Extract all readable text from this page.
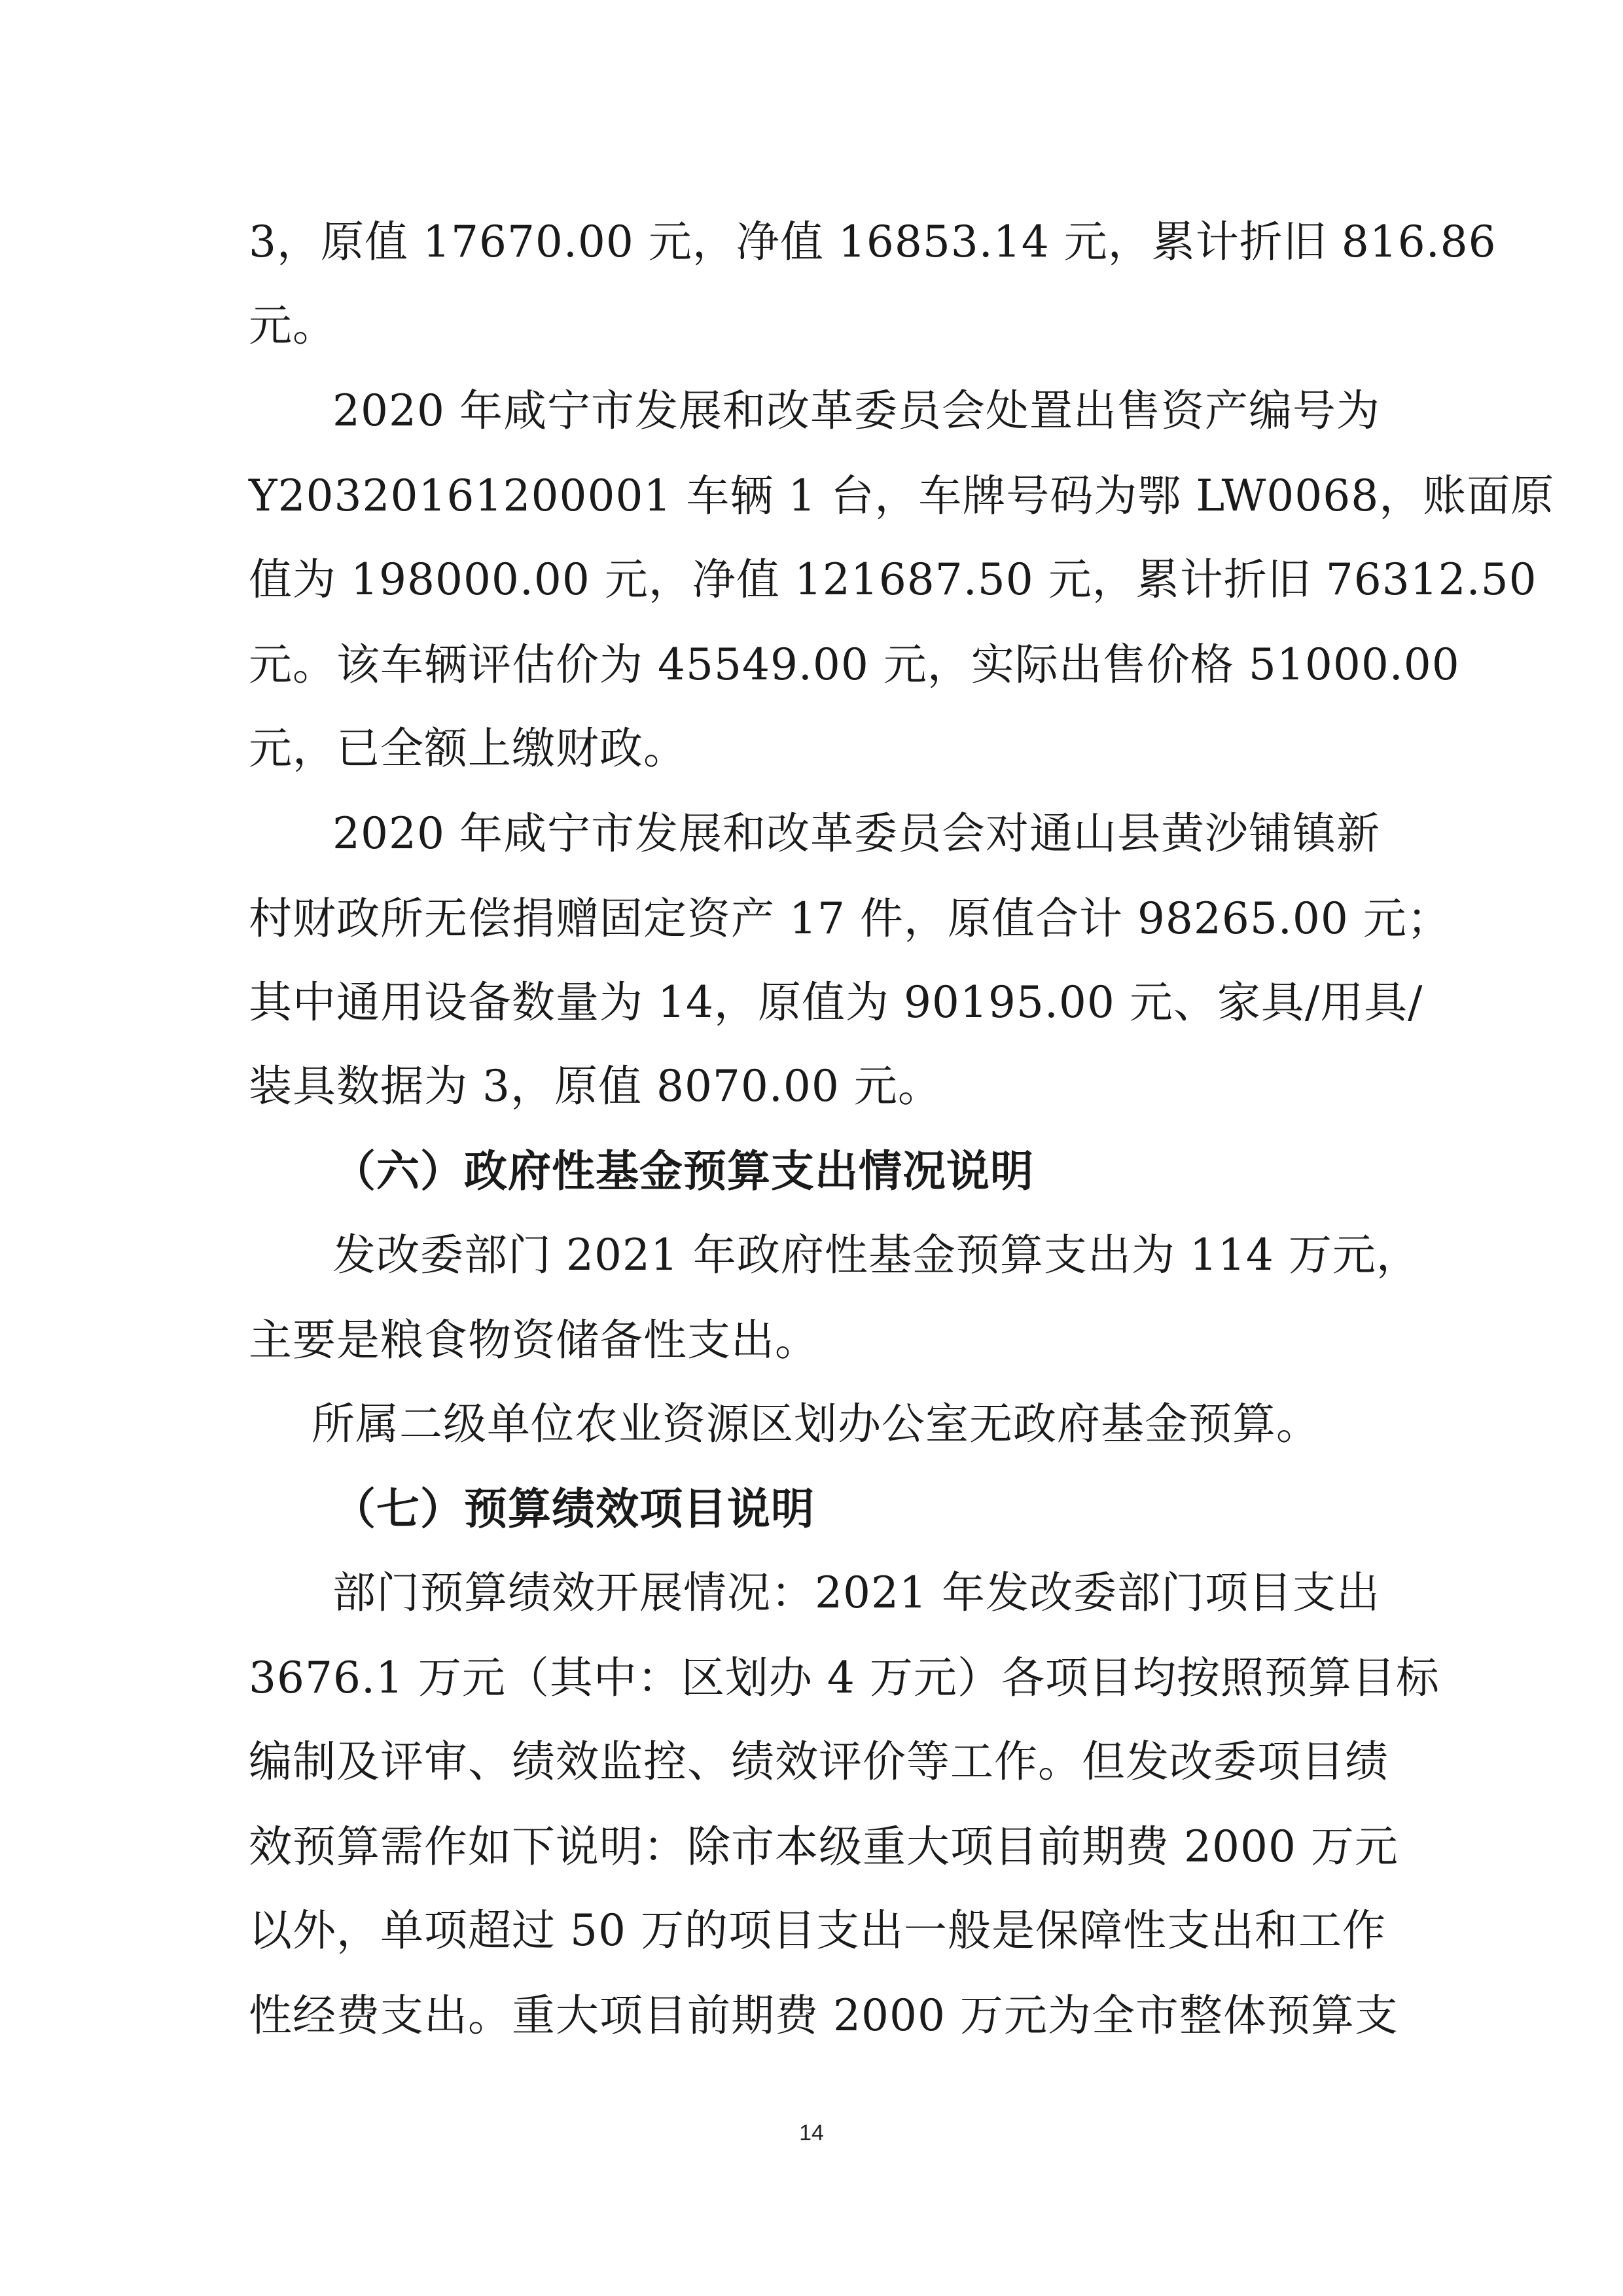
3，原值 17670.00 元，净值 16853.14 元，累计折旧 816.86
元。
2020 年咸宁市发展和改革委员会处置出售资产编号为
Y20320161200001 车辆 1 台，车牌号码为鄂 LW0068，账面原
值为 198000.00 元，净值 121687.50 元，累计折旧 76312.50
元。该车辆评估价为 45549.00 元，实际出售价格 51000.00
元，已全额上缴财政。
2020 年咸宁市发展和改革委员会对通山县黄沙铺镇新
村财政所无偿捐赠固定资产 17 件，原值合计 98265.00 元；
其中通用设备数量为 14，原值为 90195.00 元、家具/用具/
装具数据为 3，原值 8070.00 元。
（六）政府性基金预算支出情况说明
发改委部门 2021 年政府性基金预算支出为 114 万元，
主要是粮食物资储备性支出。
所属二级单位农业资源区划办公室无政府基金预算。
（七）预算绩效项目说明
部门预算绩效开展情况：2021 年发改委部门项目支出
3676.1 万元（其中：区划办 4 万元）各项目均按照预算目标
编制及评审、绩效监控、绩效评价等工作。但发改委项目绩
效预算需作如下说明：除市本级重大项目前期费 2000 万元
以外，单项超过 50 万的项目支出一般是保障性支出和工作
性经费支出。重大项目前期费 2000 万元为全市整体预算支
14
